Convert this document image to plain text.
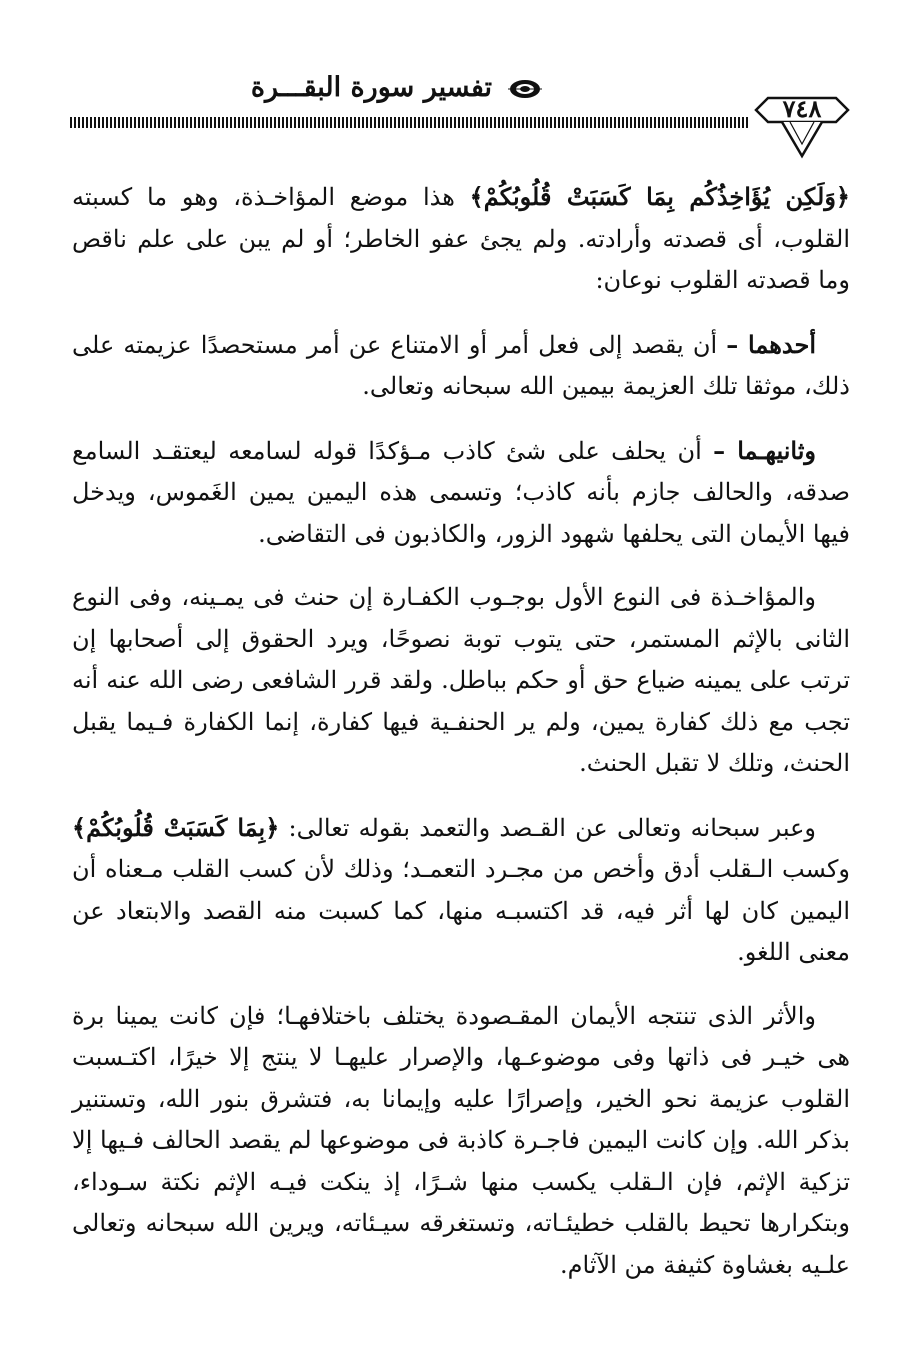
تفسير سورة البقـــرة
٧٤٨

﴿وَلَكِن يُؤَاخِذُكُم بِمَا كَسَبَتْ قُلُوبُكُمْ﴾ هذا موضع المؤاخـذة، وهو ما كسبته القلوب، أى قصدته وأرادته. ولم يجئ عفو الخاطر؛ أو لم يبن على علم ناقص وما قصدته القلوب نوعان:

أحدهما – أن يقصد إلى فعل أمر أو الامتناع عن أمر مستحصدًا عزيمته على ذلك، موثقا تلك العزيمة بيمين الله سبحانه وتعالى.

وثانيهـما – أن يحلف على شئ كاذب مـؤكدًا قوله لسامعه ليعتقـد السامع صدقه، والحالف جازم بأنه كاذب؛ وتسمى هذه اليمين يمين الغَموس، ويدخل فيها الأيمان التى يحلفها شهود الزور، والكاذبون فى التقاضى.

والمؤاخـذة فى النوع الأول بوجـوب الكفـارة إن حنث فى يمـينه، وفى النوع الثانى بالإثم المستمر، حتى يتوب توبة نصوحًا، ويرد الحقوق إلى أصحابها إن ترتب على يمينه ضياع حق أو حكم بباطل. ولقد قرر الشافعى رضى الله عنه أنه تجب مع ذلك كفارة يمين، ولم ير الحنفـية فيها كفارة، إنما الكفارة فـيما يقبل الحنث، وتلك لا تقبل الحنث.

وعبر سبحانه وتعالى عن القـصد والتعمد بقوله تعالى: ﴿بِمَا كَسَبَتْ قُلُوبُكُمْ﴾ وكسب الـقلب أدق وأخص من مجـرد التعمـد؛ وذلك لأن كسب القلب مـعناه أن اليمين كان لها أثر فيه، قد اكتسبـه منها، كما كسبت منه القصد والابتعاد عن معنى اللغو.

والأثر الذى تنتجه الأيمان المقـصودة يختلف باختلافهـا؛ فإن كانت يمينا برة هى خيـر فى ذاتها وفى موضوعـها، والإصرار عليهـا لا ينتج إلا خيرًا، اكتـسبت القلوب عزيمة نحو الخير، وإصرارًا عليه وإيمانا به، فتشرق بنور الله، وتستنير بذكر الله. وإن كانت اليمين فاجـرة كاذبة فى موضوعها لم يقصد الحالف فـيها إلا تزكية الإثم، فإن الـقلب يكسب منها شـرًا، إذ ينكت فيـه الإثم نكتة سـوداء، وبتكرارها تحيط بالقلب خطيئـاته، وتستغرقه سيـئاته، ويرين الله سبحانه وتعالى علـيه بغشاوة كثيفة من الآثام.
